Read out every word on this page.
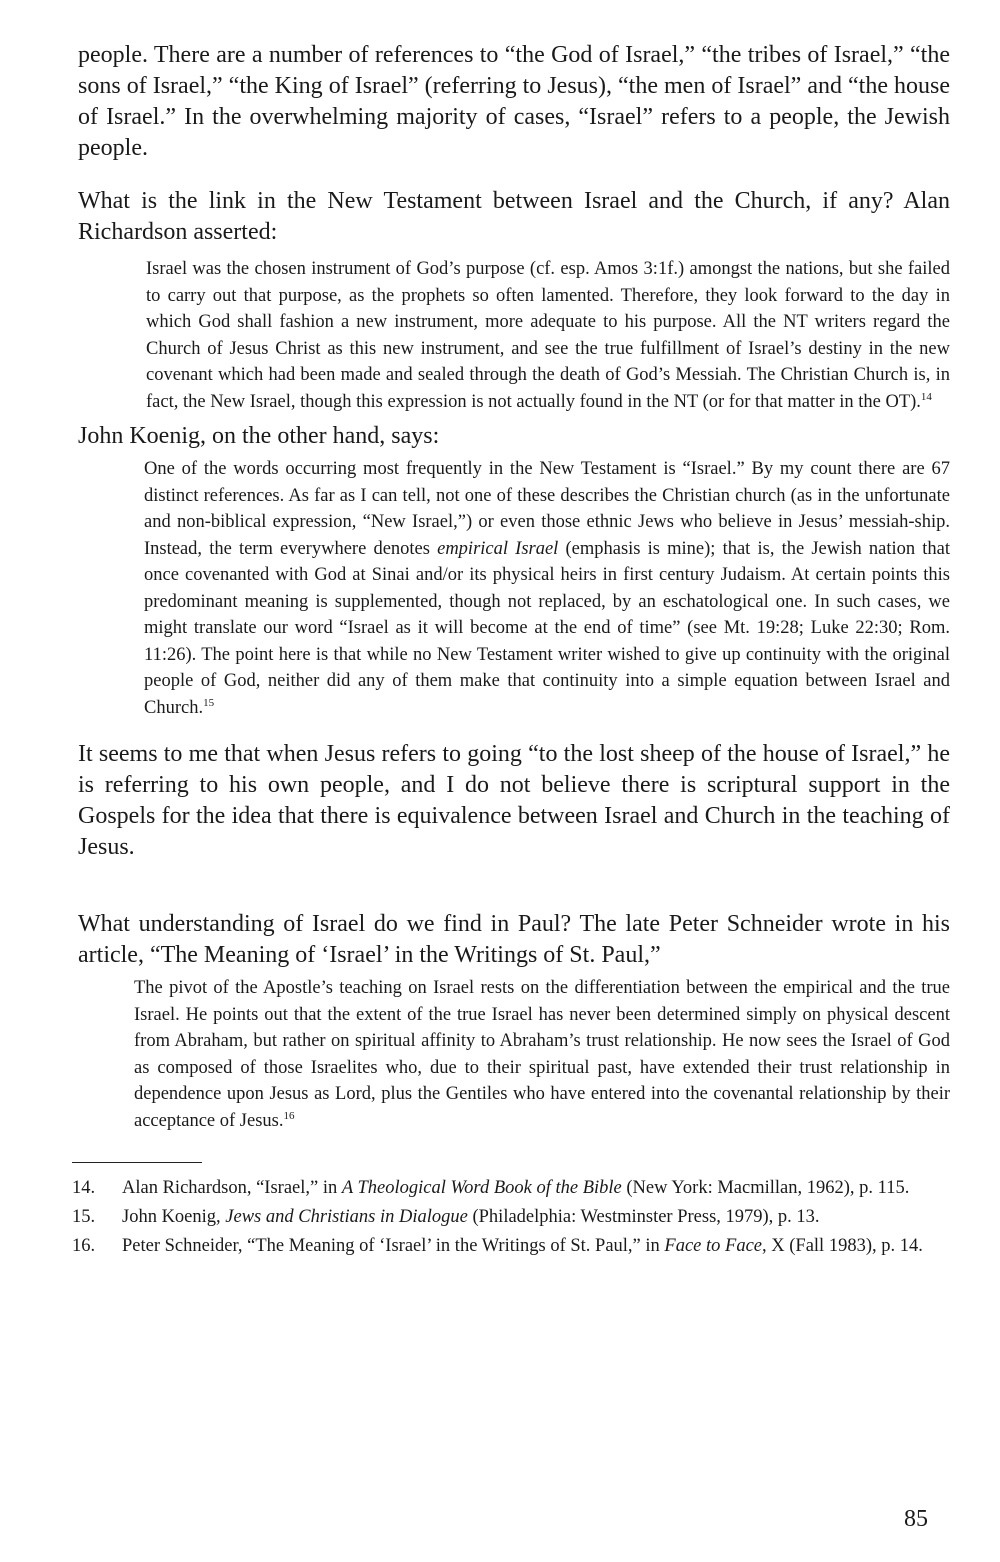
people. There are a number of references to “the God of Israel,” “the tribes of Israel,” “the sons of Israel,” “the King of Israel” (referring to Jesus), “the men of Israel” and “the house of Israel.” In the overwhelming majority of cases, “Israel” refers to a people, the Jewish people.

What is the link in the New Testament between Israel and the Church, if any? Alan Richardson asserted:

Israel was the chosen instrument of God’s purpose (cf. esp. Amos 3:1f.) amongst the nations, but she failed to carry out that purpose, as the prophets so often lamented. Therefore, they look forward to the day in which God shall fashion a new instrument, more adequate to his purpose. All the NT writers regard the Church of Jesus Christ as this new instrument, and see the true fulfillment of Israel’s destiny in the new covenant which had been made and sealed through the death of God’s Messiah. The Christian Church is, in fact, the New Israel, though this expression is not actually found in the NT (or for that matter in the OT).$^{14}$

John Koenig, on the other hand, says:

One of the words occurring most frequently in the New Testament is “Israel.” By my count there are 67 distinct references. As far as I can tell, not one of these describes the Christian church (as in the unfortunate and non-biblical expression, “New Israel,”) or even those ethnic Jews who believe in Jesus’ messiah-ship. Instead, the term everywhere denotes empirical Israel (emphasis is mine); that is, the Jewish nation that once covenanted with God at Sinai and/or its physical heirs in first century Judaism. At certain points this predominant meaning is supplemented, though not replaced, by an eschatological one. In such cases, we might translate our word “Israel as it will become at the end of time” (see Mt. 19:28; Luke 22:30; Rom. 11:26). The point here is that while no New Testament writer wished to give up continuity with the original people of God, neither did any of them make that continuity into a simple equation between Israel and Church.$^{15}$

It seems to me that when Jesus refers to going “to the lost sheep of the house of Israel,” he is referring to his own people, and I do not believe there is scriptural support in the Gospels for the idea that there is equivalence between Israel and Church in the teaching of Jesus.

What understanding of Israel do we find in Paul? The late Peter Schneider wrote in his article, “The Meaning of ‘Israel’ in the Writings of St. Paul,”

The pivot of the Apostle’s teaching on Israel rests on the differentiation between the empirical and the true Israel. He points out that the extent of the true Israel has never been determined simply on physical descent from Abraham, but rather on spiritual affinity to Abraham’s trust relationship. He now sees the Israel of God as composed of those Israelites who, due to their spiritual past, have extended their trust relationship in dependence upon Jesus as Lord, plus the Gentiles who have entered into the covenantal relationship by their acceptance of Jesus.$^{16}$

14. Alan Richardson, “Israel,” in A Theological Word Book of the Bible (New York: Macmillan, 1962), p. 115.

15. John Koenig, Jews and Christians in Dialogue (Philadelphia: Westminster Press, 1979), p. 13.

16. Peter Schneider, “The Meaning of ‘Israel’ in the Writings of St. Paul,” in Face to Face, X (Fall 1983), p. 14.

85
